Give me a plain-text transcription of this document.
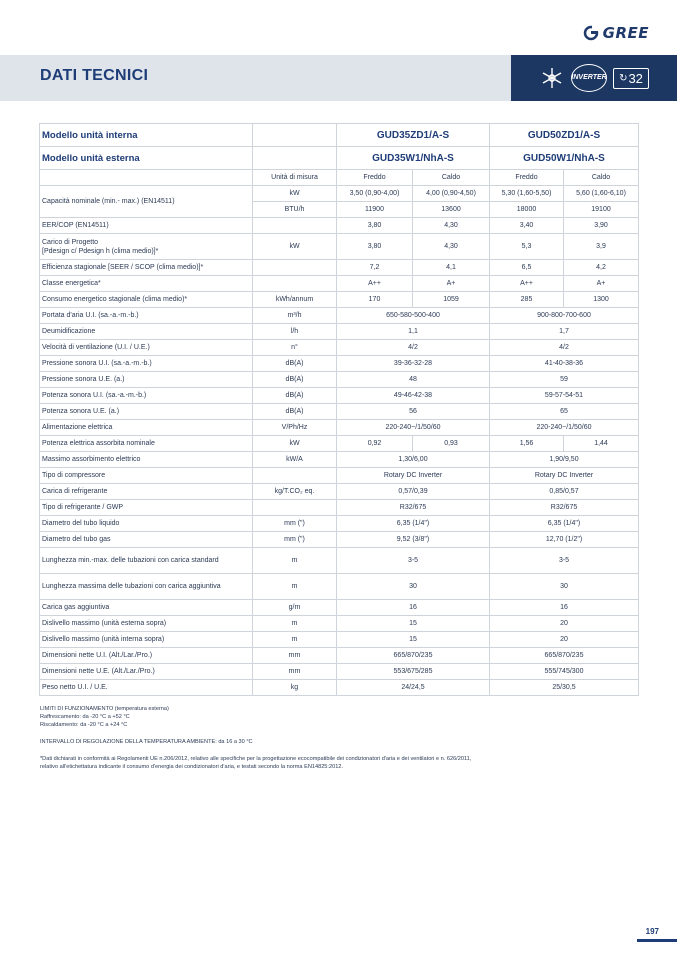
GREE
DATI TECNICI	INVERTER ↻ 32
Modello unità interna		GUD35ZD1/A-S		GUD50ZD1/A-S	
Modello unità esterna		GUD35W1/NhA-S		GUD50W1/NhA-S	
	Unità di misura	Freddo	Caldo	Freddo	Caldo
Capacità nominale (min.- max.) (EN14511)	kW	3,50 (0,90-4,00)	4,00 (0,90-4,50)	5,30 (1,60-5,50)	5,60 (1,60-6,10)
	BTU/h	11900	13600	18000	19100
EER/COP (EN14511)		3,80	4,30	3,40	3,90
Carico di Progetto
[Pdesign c/ Pdesign h (clima medio)]*	kW	3,80	4,30	5,3	3,9
Efficienza stagionale [SEER / SCOP (clima medio)]*		7,2	4,1	6,5	4,2
Classe energetica*		A++	A+	A++	A+
Consumo energetico stagionale (clima medio)*	kWh/annum	170	1059	285	1300
Portata d'aria U.I. (sa.-a.-m.-b.)	m³/h	650-580-500-400		900-800-700-600	
Deumidificazione	l/h	1,1		1,7	
Velocità di ventilazione (U.I. / U.E.)	n°	4/2		4/2	
Pressione sonora U.I. (sa.-a.-m.-b.)	dB(A)	39-36-32-28		41-40-38-36	
Pressione sonora U.E. (a.)	dB(A)	48		59	
Potenza sonora U.I. (sa.-a.-m.-b.)	dB(A)	49-46-42-38		59-57-54-51	
Potenza sonora U.E. (a.)	dB(A)	56		65	
Alimentazione elettrica	V/Ph/Hz	220-240~/1/50/60		220-240~/1/50/60	
Potenza elettrica assorbita nominale	kW	0,92	0,93	1,56	1,44
Massimo assorbimento elettrico	kW/A	1,30/6,00		1,90/9,50	
Tipo di compressore		Rotary DC Inverter		Rotary DC Inverter	
Carica di refrigerante	kg/T.CO₂ eq.	0,57/0,39		0,85/0,57	
Tipo di refrigerante / GWP		R32/675		R32/675	
Diametro del tubo liquido	mm (")	6,35 (1/4")		6,35 (1/4")	
Diametro del tubo gas	mm (")	9,52 (3/8")		12,70 (1/2")	
Lunghezza min.-max. delle tubazioni con carica standard	m	3-5		3-5	
Lunghezza massima delle tubazioni con carica aggiuntiva	m	30		30	
Carica gas aggiuntiva	g/m	16		16	
Dislivello massimo (unità esterna sopra)	m	15		20	
Dislivello massimo (unità interna sopra)	m	15		20	
Dimensioni nette U.I. (Alt./Lar./Pro.)	mm	665/870/235		665/870/235	
Dimensioni nette U.E. (Alt./Lar./Pro.)	mm	553/675/285		555/745/300	
Peso netto U.I. / U.E.	kg	24/24,5		25/30,5	

LIMITI DI FUNZIONAMENTO (temperatura esterna)

Raffrescamento: da -20 °C a +52 °C

Riscaldamento: da -20 °C a +24 °C

INTERVALLO DI REGOLAZIONE DELLA TEMPERATURA AMBIENTE: da 16 a 30 °C

*Dati dichiarati in conformità ai Regolamenti UE n.206/2012, relativo alle specifiche per la progettazione ecocompatibile dei condizionatori d'aria e dei ventilatori e n. 626/2011,

relativo all'etichettatura indicante il consumo d'energia dei condizionatori d'aria, e testati secondo la norma EN14825:2012.

197
